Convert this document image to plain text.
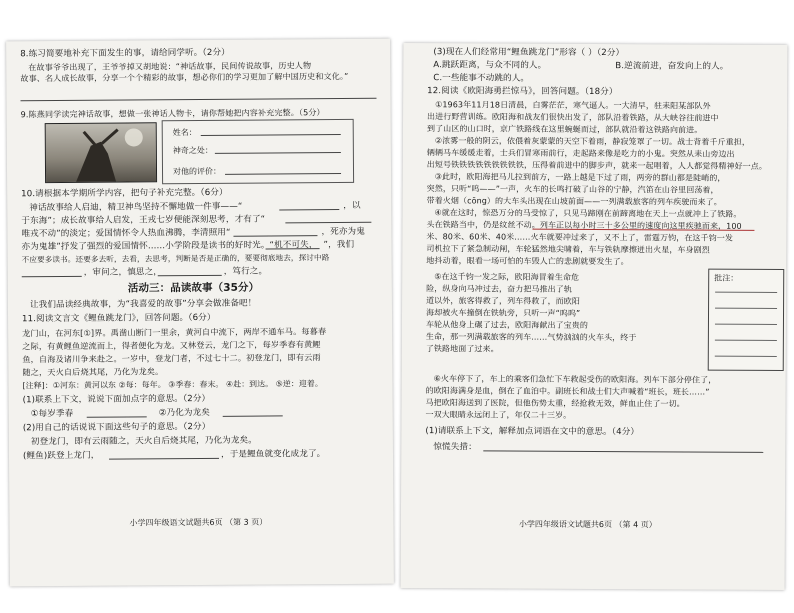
8.练习简要地补充下面发生的事，请给同学听。（2分）
在故事爷爷出现了，王爷爷掉又胡地说：“神话故事，民间传说故事，历史人物
故事、名人成长故事，分享一个个精彩的故事，想必你们的学习更加了解中国历史和文化。”
9.陈燕同学读完神话故事，想做一张神话人物卡，请你帮她把内容补充完整。（5分）
姓名：
神奇之处：
对他的评价：
10.请根据本学期所学内容，把句子补充完整。（6分）
神话故事给人启迪，精卫神鸟坚持不懈地做一件事——“	，以
于东海”；成长故事给人启发，王戎七岁便能深刻思考，才有了“
唯戎不动”的淡定；爱国情怀令人热血沸腾，李清照用“	，死亦为鬼
亦为鬼雄”抒发了强烈的爱国情怀……小学阶段是读书的好时光。“机不可失， ”，我们
不应要多读书。还要多去听，去看，去思考，判断是否是正确的，要要彻底地去，探讨中路
，审问之，慎思之，	，笃行之。
活动三：品读故事（35分）
让我们品读经典故事，为“我喜爱的故事”分享会做准备吧！
11.阅读文言文《鲤鱼跳龙门》，回答问题。（6分）
龙门山，在河东[①]界。禹凿山断门一里余，黄河自中流下，两岸不通车马。每暮春
之际，有黄鲤鱼逆流而上，得者便化为龙。又林登云，龙门之下，每岁季春有黄鲤
鱼，自海及诸川争来赴之。一岁中，登龙门者，不过七十二。初登龙门，即有云雨
随之，天火自后烧其尾，乃化为龙矣。
[注释]：①河东：黄河以东 ②每：每年。 ③季春：春末。 ④赴：到达。 ⑤逆：迎着。
(1)联系上下文，说说下面加点字的意思。（2分）
①每岁季春	②乃化为龙矣
(2)用自己的话说说下面这些句子的意思。（2分）
初登龙门，即有云雨随之，天火自后烧其尾，乃化为龙矣。
(鲤鱼)跃登上龙门，	，于是鲤鱼就变化成龙了。
小学四年级语文试题共6页 （第 3 页）
(3)现在人们经常用“鲤鱼跳龙门”形容（ ）（2分）
A.跳跃距离，与众不同的人。	B.逆流前进，奋发向上的人。
C.一些能事不动跳的人。
12.阅读《欧阳海勇拦惊马》，回答问题。（18分）
①1963年11月18日清晨，白雾茫茫，寒气逼人。一大清早，驻耒阳某部队外
出进行野营训练。欧阳海和战友们很快出发了，部队沿着铁路，从大峡谷往前进中
到了山区的山口时，京广铁路线在这里蜿蜒而过，部队就沿着这铁路向前进。
②浓雾一般的阴云，依偎着灰蒙蒙的天空下着雨，静寂笼罩了一切。战士背着千斤重担，
辆辆马车缓缓走着，士兵们冒寒雨前行，走起路来像是吃力的小鬼。突然从耒山旁边出
出短号铁铁铁铁铁铁铁铁铁，压得着前进中的脚步声，就来一起唱着，人人都觉得精神好一点。
③此时，欧阳海把马儿拉到前方，一路上越是下过了雨，两旁的群山都是陡峭的，
突然，只听“呜——”一声，火车的长鸣打破了山谷的宁静，汽笛在山谷里回荡着，
带着火烟（cōng）的大车头出现在山坡前面——一列满载旅客的列车疾驶而来了。
④就在这时，惊恐万分的马受惊了，只见马蹄刚在前蹄离地在天上一点就冲上了铁路。
头在铁路当中，仍是纹丝不动。列车正以每小时三十多公里的速度向这里疾驰而来，100
米、80米、60米、40米……火车就要冲过来了，又不上了，雷霆万钧，在这千钧一发
司机拉下了紧急制动闸，车轮猛然地尖啸着，车与铁轨摩擦迸出火星，车身剧烈
地抖动着，眼看一场可怕的车毁人亡的悲剧就要发生了。
⑤在这千钧一发之际，欧阳海冒着生命危
险，纵身向马冲过去，奋力把马推出了轨
道以外，旅客得救了，列车得救了，而欧阳
海却被火车撞倒在铁轨旁，只听一声“呜呜”
车轮从他身上碾了过去，欧阳海献出了宝贵的
生命，那一列满载旅客的列车……气势汹汹的火车头，终于
了铁路地面了过来。
批注：
⑥火车停下了，车上的乘客们急忙下车救起受伤的欧阳海。列车下部分停住了，
的欧阳海满身是血，倒在了血泊中。副班长和战士们大声喊着“班长，班长……”
马把欧阳海送到了医院，但他伤势太重，经抢救无效，鲜血止住了一切。
一双大眼睛永远闭上了，年仅二十三岁。
(1)请联系上下文，解释加点词语在文中的意思。（4分）
惊慌失措：
小学四年级语文试题共6页 （第 4 页）
